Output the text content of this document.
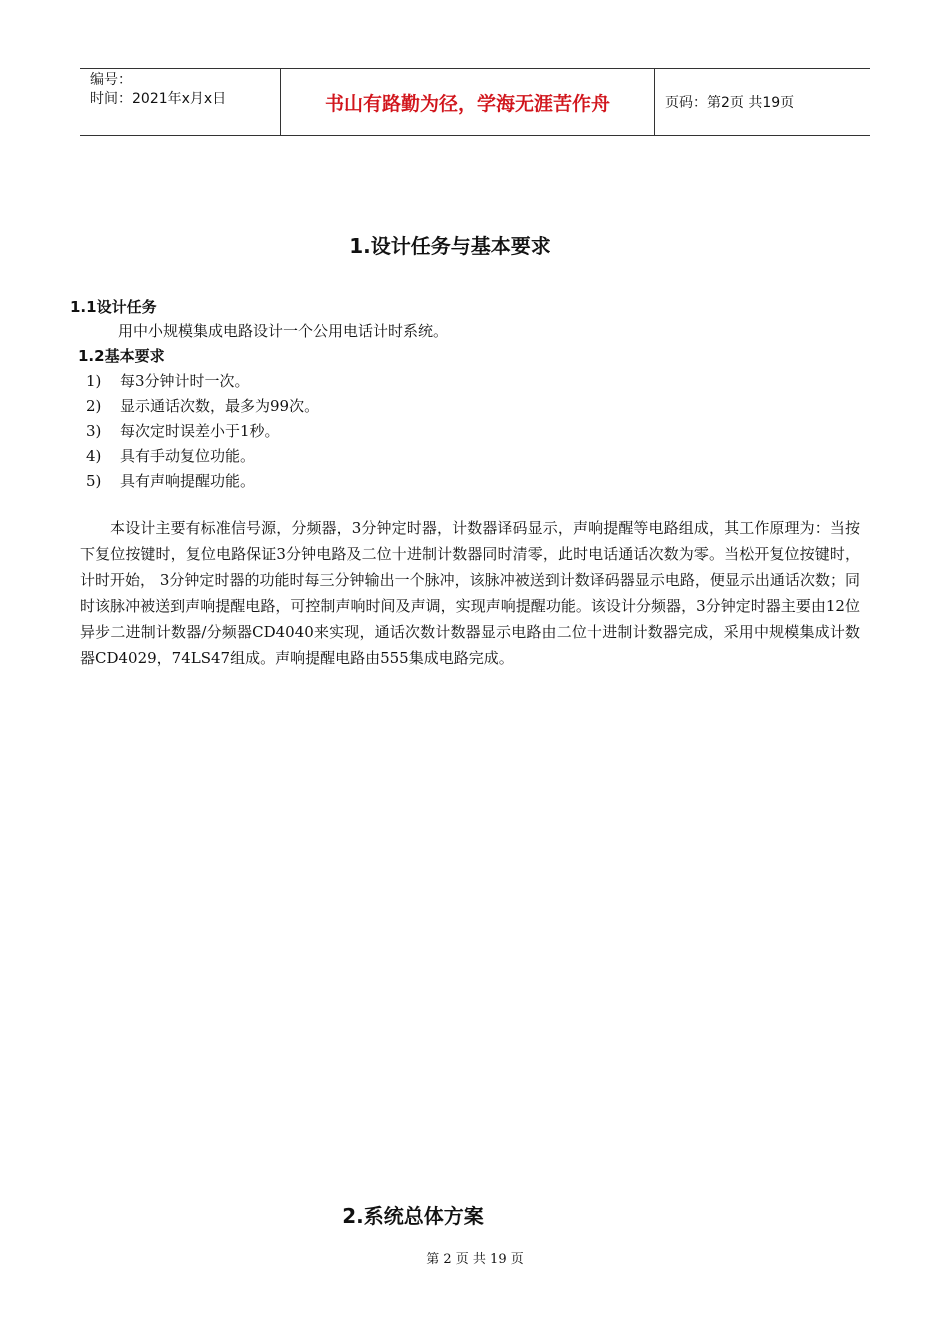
编号：
时间：2021年x月x日	书山有路勤为径，学海无涯苦作舟	页码：第2页 共19页
1.设计任务与基本要求
1.1设计任务
用中小规模集成电路设计一个公用电话计时系统。
1.2基本要求
1) 每3分钟计时一次。
2) 显示通话次数，最多为99次。
3) 每次定时误差小于1秒。
4) 具有手动复位功能。
5) 具有声响提醒功能。
本设计主要有标准信号源，分频器，3分钟定时器，计数器译码显示，声响提醒等电路组成，其工作原理为：当按下复位按键时，复位电路保证3分钟电路及二位十进制计数器同时清零，此时电话通话次数为零。当松开复位按键时，计时开始， 3分钟定时器的功能时每三分钟输出一个脉冲，该脉冲被送到计数译码器显示电路，便显示出通话次数；同时该脉冲被送到声响提醒电路，可控制声响时间及声调，实现声响提醒功能。该设计分频器，3分钟定时器主要由12位异步二进制计数器/分频器CD4040来实现，通话次数计数器显示电路由二位十进制计数器完成，采用中规模集成计数器CD4029，74LS47组成。声响提醒电路由555集成电路完成。
2.系统总体方案
第 2 页 共 19 页
